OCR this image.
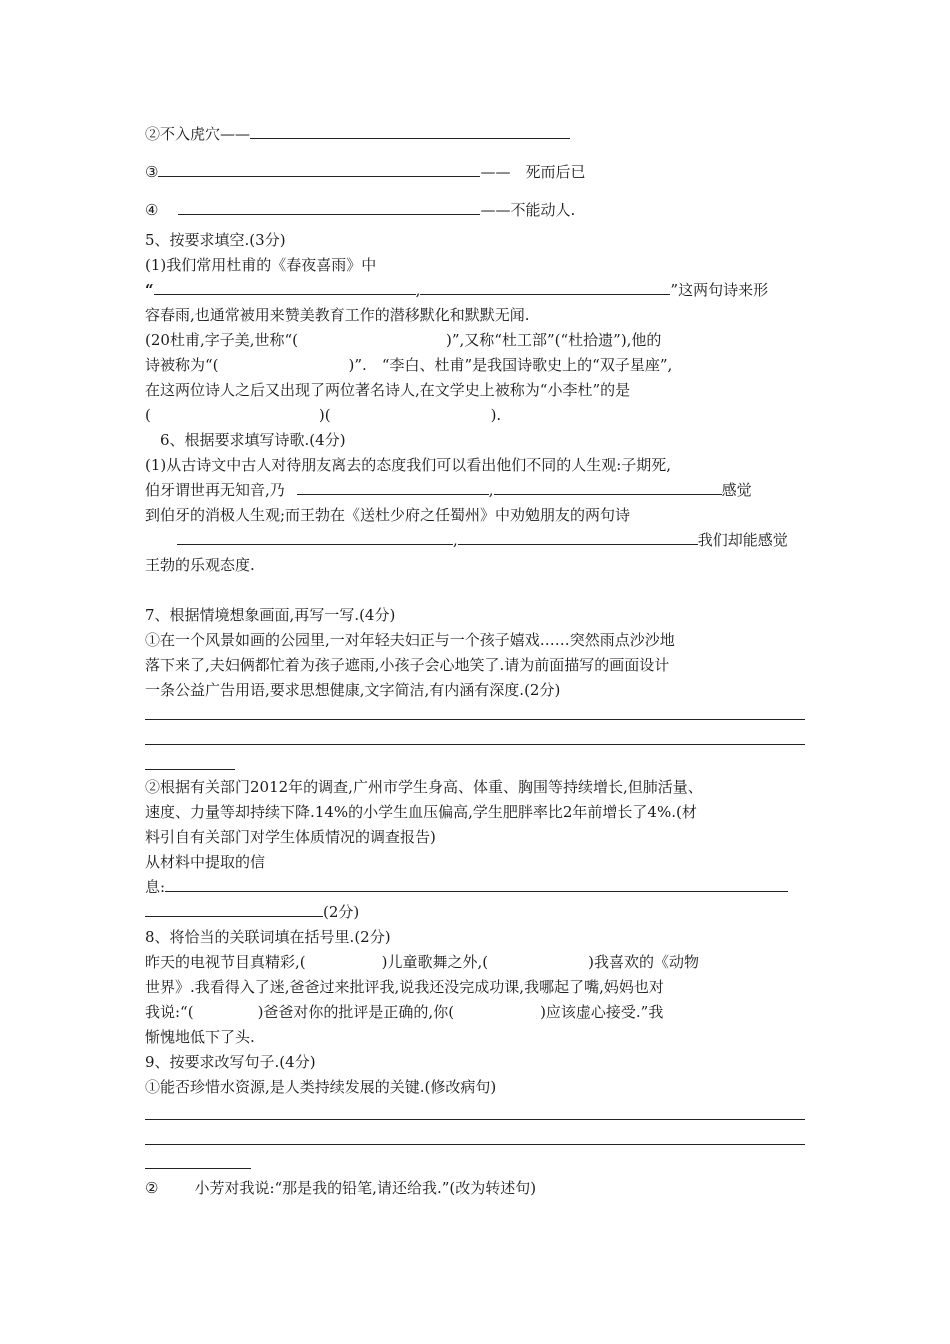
②不入虎穴——
③	——　死而后已
④	——不能动人.
5、按要求填空.(3分)
(1)我们常用杜甫的《春夜喜雨》中
“	,	”这两句诗来形
容春雨,也通常被用来赞美教育工作的潜移默化和默默无闻.
(20杜甫,字子美,世称“(	)”,又称“杜工部”(“杜拾遗”),他的
诗被称为“(	)”.　“李白、杜甫”是我国诗歌史上的“双子星座”,
在这两位诗人之后又出现了两位著名诗人,在文学史上被称为“小李杜”的是
(	)(	).
6、根据要求填写诗歌.(4分)
(1)从古诗文中古人对待朋友离去的态度我们可以看出他们不同的人生观:子期死,
伯牙谓世再无知音,乃	,	感觉
到伯牙的消极人生观;而王勃在《送杜少府之任蜀州》中劝勉朋友的两句诗
,	我们却能感觉
王勃的乐观态度.
7、根据情境想象画面,再写一写.(4分)
①在一个风景如画的公园里,一对年轻夫妇正与一个孩子嬉戏……突然雨点沙沙地
落下来了,夫妇俩都忙着为孩子遮雨,小孩子会心地笑了.请为前面描写的画面设计
一条公益广告用语,要求思想健康,文字简洁,有内涵有深度.(2分)
②根据有关部门2012年的调查,广州市学生身高、体重、胸围等持续增长,但肺活量、
速度、力量等却持续下降.14%的小学生血压偏高,学生肥胖率比2年前增长了4%.(材
料引自有关部门对学生体质情况的调查报告)
从材料中提取的信
息:
(2分)
8、将恰当的关联词填在括号里.(2分)
昨天的电视节目真精彩,(	)儿童歌舞之外,(	)我喜欢的《动物
世界》.我看得入了迷,爸爸过来批评我,说我还没完成功课,我哪起了嘴,妈妈也对
我说:“(	)爸爸对你的批评是正确的,你(	)应该虚心接受.”我
惭愧地低下了头.
9、按要求改写句子.(4分)
①能否珍惜水资源,是人类持续发展的关键.(修改病句)
② 小芳对我说:“那是我的铅笔,请还给我.”(改为转述句)
